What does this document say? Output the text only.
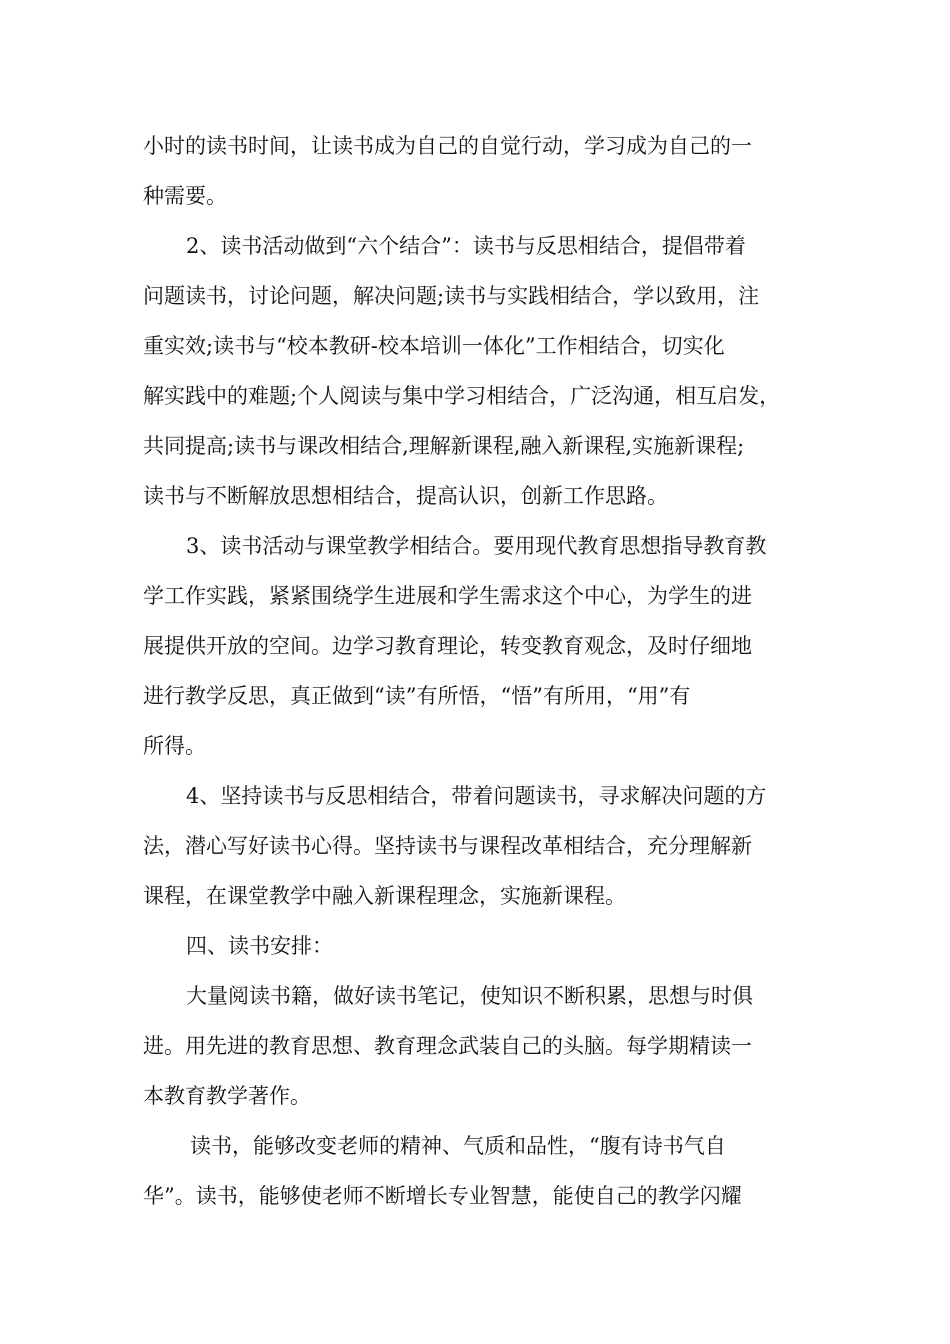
小时的读书时间，让读书成为自己的自觉行动，学习成为自己的一
种需要。
2、读书活动做到“六个结合”：读书与反思相结合，提倡带着
问题读书，讨论问题，解决问题;读书与实践相结合，学以致用，注
重实效;读书与“校本教研-校本培训一体化”工作相结合，切实化
解实践中的难题;个人阅读与集中学习相结合，广泛沟通，相互启发，
共同提高;读书与课改相结合,理解新课程,融入新课程,实施新课程;
读书与不断解放思想相结合，提高认识，创新工作思路。
3、读书活动与课堂教学相结合。要用现代教育思想指导教育教
学工作实践，紧紧围绕学生进展和学生需求这个中心，为学生的进
展提供开放的空间。边学习教育理论，转变教育观念，及时仔细地
进行教学反思，真正做到“读”有所悟，“悟”有所用，“用”有
所得。
4、坚持读书与反思相结合，带着问题读书，寻求解决问题的方
法，潜心写好读书心得。坚持读书与课程改革相结合，充分理解新
课程，在课堂教学中融入新课程理念，实施新课程。
四、读书安排：
大量阅读书籍，做好读书笔记，使知识不断积累，思想与时俱
进。用先进的教育思想、教育理念武装自己的头脑。每学期精读一
本教育教学著作。
读书，能够改变老师的精神、气质和品性，“腹有诗书气自
华”。读书，能够使老师不断增长专业智慧，能使自己的教学闪耀
